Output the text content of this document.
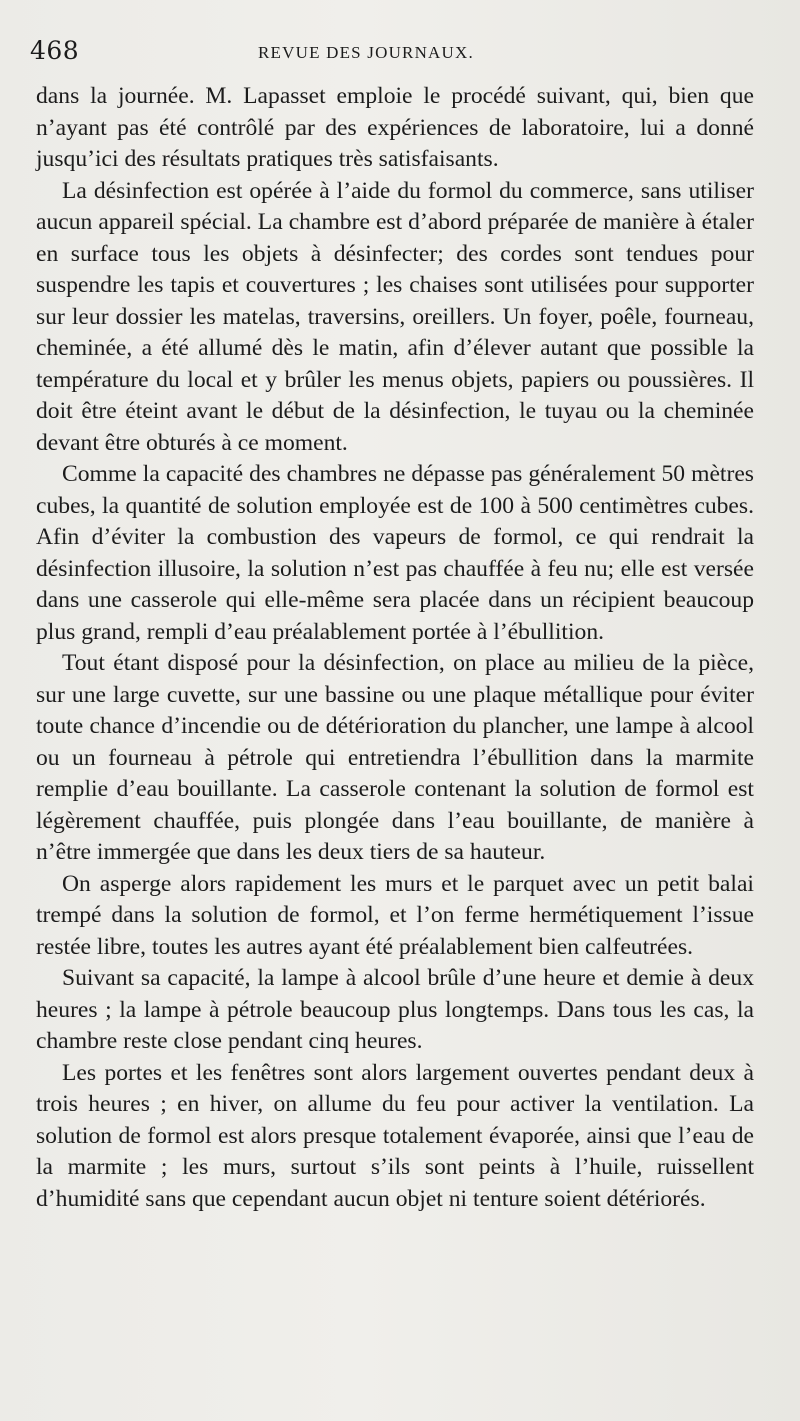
468	REVUE DES JOURNAUX.

dans la journée. M. Lapasset emploie le procédé suivant, qui, bien que n’ayant pas été contrôlé par des expériences de laboratoire, lui a donné jusqu’ici des résultats pratiques très satisfaisants.

La désinfection est opérée à l’aide du formol du commerce, sans utiliser aucun appareil spécial. La chambre est d’abord préparée de manière à étaler en surface tous les objets à désinfecter; des cordes sont tendues pour suspendre les tapis et couvertures ; les chaises sont utilisées pour supporter sur leur dossier les matelas, traversins, oreillers. Un foyer, poêle, fourneau, cheminée, a été allumé dès le matin, afin d’élever autant que possible la température du local et y brûler les menus objets, papiers ou poussières. Il doit être éteint avant le début de la désinfection, le tuyau ou la cheminée devant être obturés à ce moment.

Comme la capacité des chambres ne dépasse pas généralement 50 mètres cubes, la quantité de solution employée est de 100 à 500 centimètres cubes. Afin d’éviter la combustion des vapeurs de formol, ce qui rendrait la désinfection illusoire, la solution n’est pas chauffée à feu nu; elle est versée dans une casserole qui elle-même sera placée dans un récipient beaucoup plus grand, rempli d’eau préalablement portée à l’ébullition.

Tout étant disposé pour la désinfection, on place au milieu de la pièce, sur une large cuvette, sur une bassine ou une plaque métallique pour éviter toute chance d’incendie ou de détérioration du plancher, une lampe à alcool ou un fourneau à pétrole qui entretiendra l’ébullition dans la marmite remplie d’eau bouillante. La casserole contenant la solution de formol est légèrement chauffée, puis plongée dans l’eau bouillante, de manière à n’être immergée que dans les deux tiers de sa hauteur.

On asperge alors rapidement les murs et le parquet avec un petit balai trempé dans la solution de formol, et l’on ferme hermétiquement l’issue restée libre, toutes les autres ayant été préalablement bien calfeutrées.

Suivant sa capacité, la lampe à alcool brûle d’une heure et demie à deux heures ; la lampe à pétrole beaucoup plus longtemps. Dans tous les cas, la chambre reste close pendant cinq heures.

Les portes et les fenêtres sont alors largement ouvertes pendant deux à trois heures ; en hiver, on allume du feu pour activer la ventilation. La solution de formol est alors presque totalement évaporée, ainsi que l’eau de la marmite ; les murs, surtout s’ils sont peints à l’huile, ruissellent d’humidité sans que cependant aucun objet ni tenture soient détériorés.
